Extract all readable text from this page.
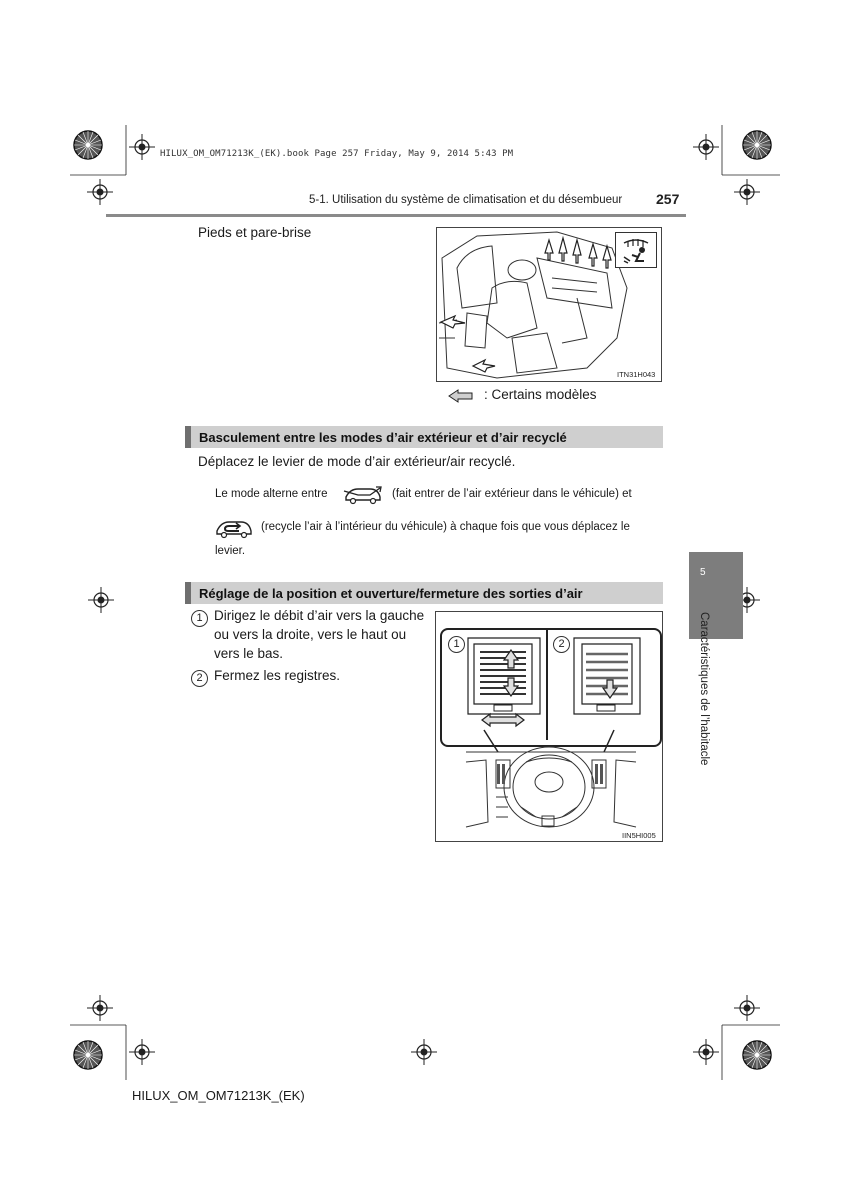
HILUX_OM_OM71213K_(EK).book Page 257 Friday, May 9, 2014 5:43 PM
5-1. Utilisation du système de climatisation et du désembueur 257
Pieds et pare-brise
ITN31H043
: Certains modèles
Basculement entre les modes d’air extérieur et d’air recyclé
Déplacez le levier de mode d’air extérieur/air recyclé.
Le mode alterne entre	(fait entrer de l’air extérieur dans le véhicule) et
(recycle l’air à l’intérieur du véhicule) à chaque fois que vous déplacez le
levier.
Réglage de la position et ouverture/fermeture des sorties d’air
1 Dirigez le débit d’air vers la gauche
ou vers la droite, vers le haut ou
vers le bas.
2 Fermez les registres.
1	2
IIN5HI005
5
Caractéristiques de l’habitacle
HILUX_OM_OM71213K_(EK)
